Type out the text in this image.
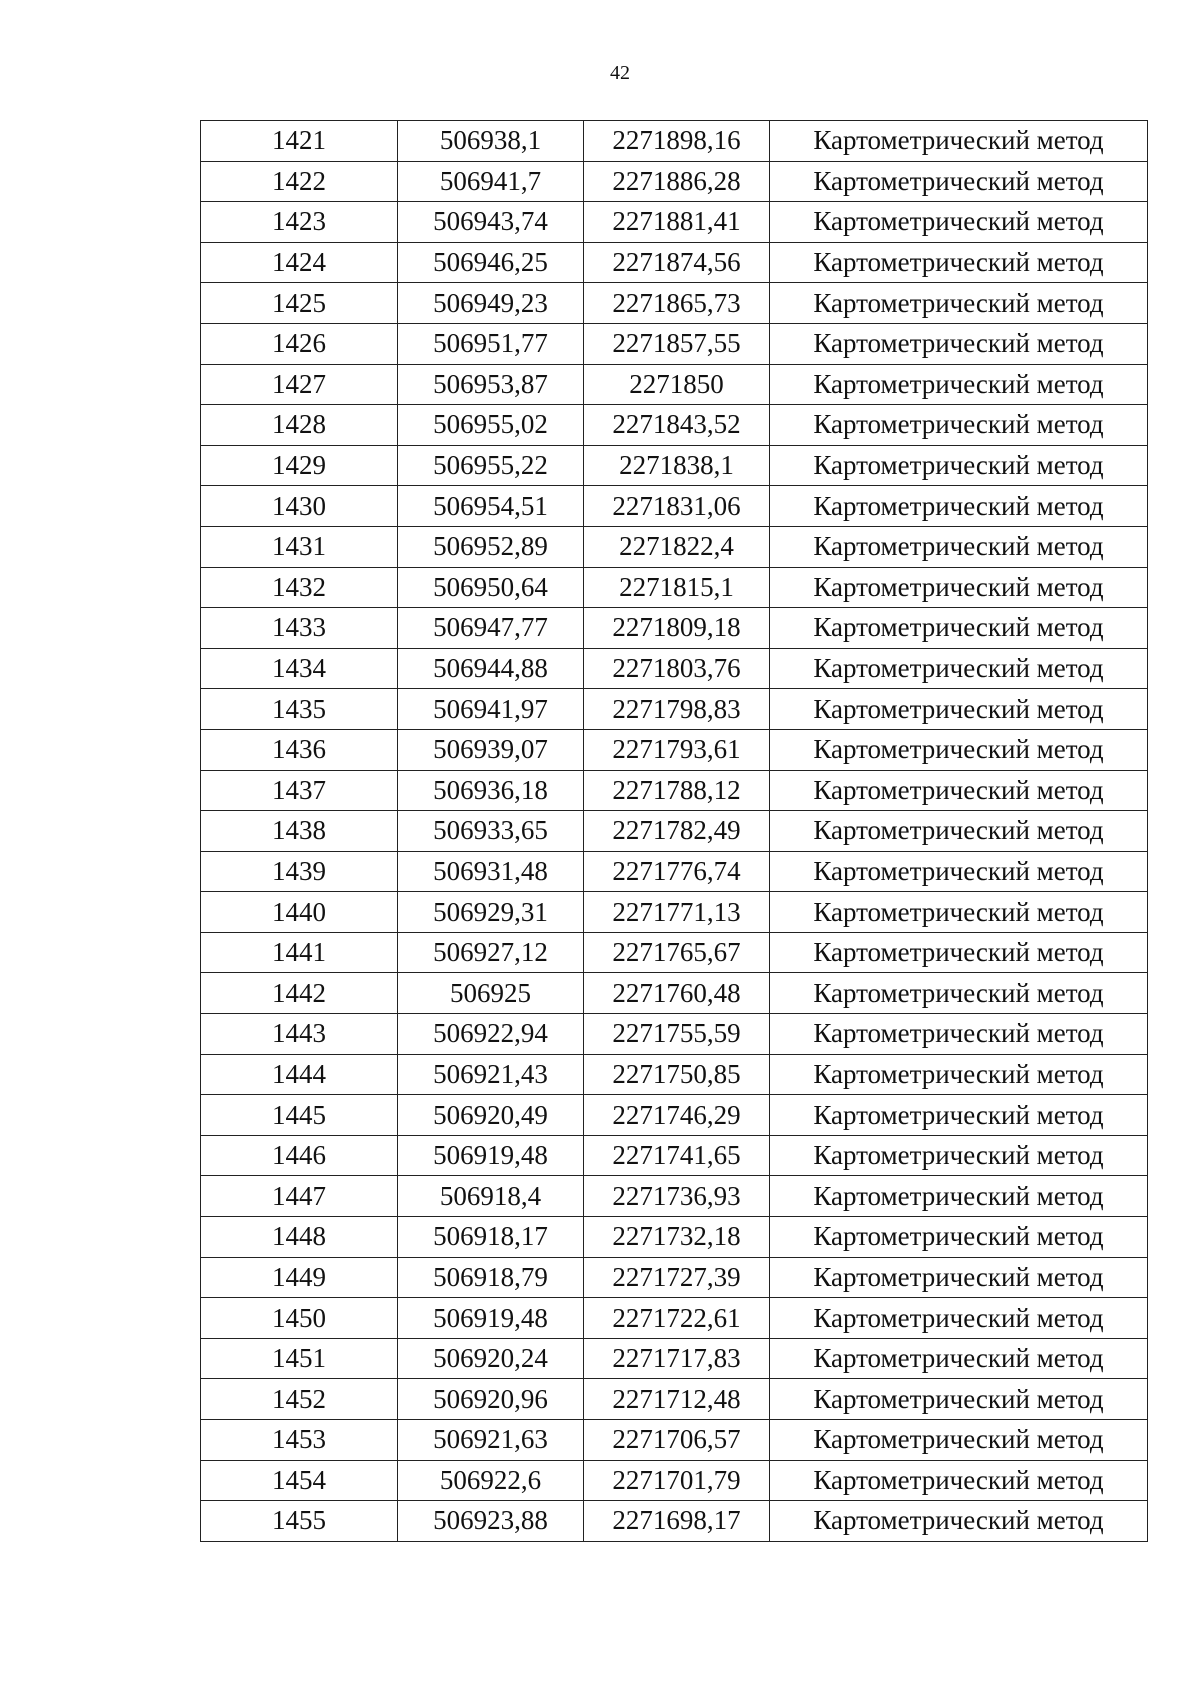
42
1421	506938,1	2271898,16	Картометрический метод
1422	506941,7	2271886,28	Картометрический метод
1423	506943,74	2271881,41	Картометрический метод
1424	506946,25	2271874,56	Картометрический метод
1425	506949,23	2271865,73	Картометрический метод
1426	506951,77	2271857,55	Картометрический метод
1427	506953,87	2271850	Картометрический метод
1428	506955,02	2271843,52	Картометрический метод
1429	506955,22	2271838,1	Картометрический метод
1430	506954,51	2271831,06	Картометрический метод
1431	506952,89	2271822,4	Картометрический метод
1432	506950,64	2271815,1	Картометрический метод
1433	506947,77	2271809,18	Картометрический метод
1434	506944,88	2271803,76	Картометрический метод
1435	506941,97	2271798,83	Картометрический метод
1436	506939,07	2271793,61	Картометрический метод
1437	506936,18	2271788,12	Картометрический метод
1438	506933,65	2271782,49	Картометрический метод
1439	506931,48	2271776,74	Картометрический метод
1440	506929,31	2271771,13	Картометрический метод
1441	506927,12	2271765,67	Картометрический метод
1442	506925	2271760,48	Картометрический метод
1443	506922,94	2271755,59	Картометрический метод
1444	506921,43	2271750,85	Картометрический метод
1445	506920,49	2271746,29	Картометрический метод
1446	506919,48	2271741,65	Картометрический метод
1447	506918,4	2271736,93	Картометрический метод
1448	506918,17	2271732,18	Картометрический метод
1449	506918,79	2271727,39	Картометрический метод
1450	506919,48	2271722,61	Картометрический метод
1451	506920,24	2271717,83	Картометрический метод
1452	506920,96	2271712,48	Картометрический метод
1453	506921,63	2271706,57	Картометрический метод
1454	506922,6	2271701,79	Картометрический метод
1455	506923,88	2271698,17	Картометрический метод
